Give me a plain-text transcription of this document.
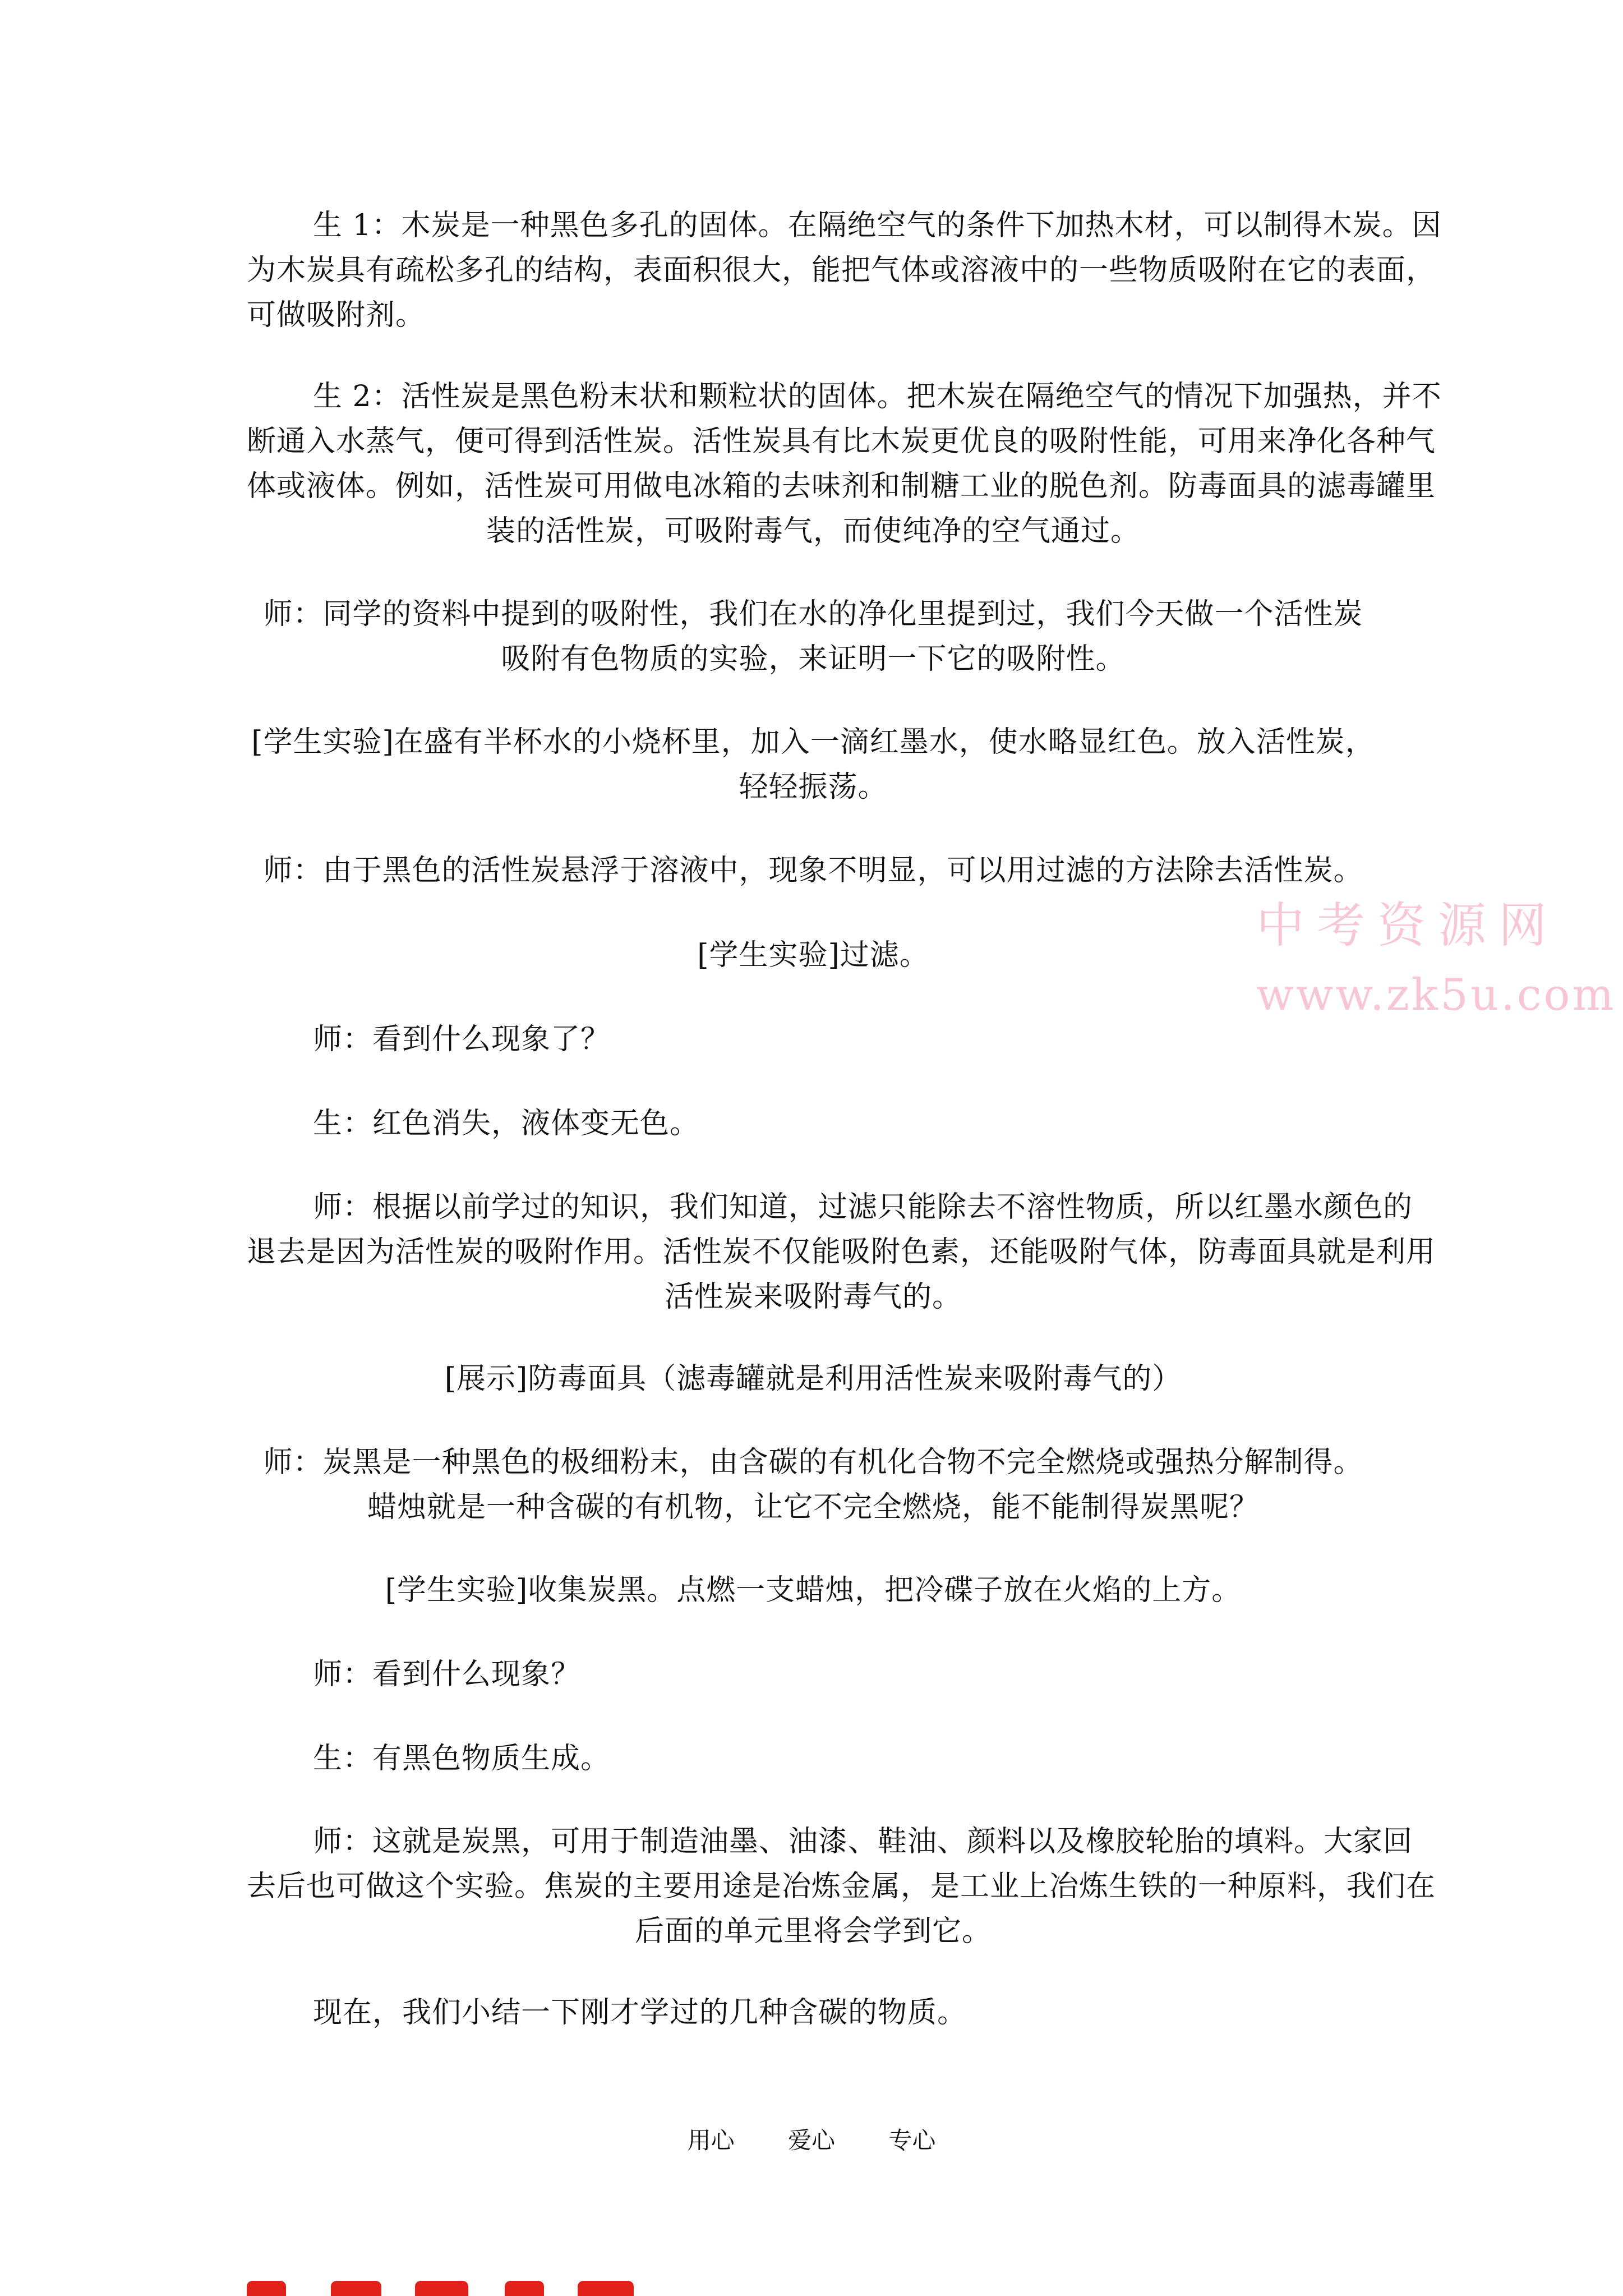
生 1：木炭是一种黑色多孔的固体。在隔绝空气的条件下加热木材，可以制得木炭。因
为木炭具有疏松多孔的结构，表面积很大，能把气体或溶液中的一些物质吸附在它的表面，
可做吸附剂。

生 2：活性炭是黑色粉末状和颗粒状的固体。把木炭在隔绝空气的情况下加强热，并不
断通入水蒸气，便可得到活性炭。活性炭具有比木炭更优良的吸附性能，可用来净化各种气
体或液体。例如，活性炭可用做电冰箱的去味剂和制糖工业的脱色剂。防毒面具的滤毒罐里
装的活性炭，可吸附毒气，而使纯净的空气通过。

师：同学的资料中提到的吸附性，我们在水的净化里提到过，我们今天做一个活性炭
吸附有色物质的实验，来证明一下它的吸附性。

[学生实验]在盛有半杯水的小烧杯里，加入一滴红墨水，使水略显红色。放入活性炭，
轻轻振荡。

师：由于黑色的活性炭悬浮于溶液中，现象不明显，可以用过滤的方法除去活性炭。

[学生实验]过滤。

师：看到什么现象了？

生：红色消失，液体变无色。

师：根据以前学过的知识，我们知道，过滤只能除去不溶性物质，所以红墨水颜色的
退去是因为活性炭的吸附作用。活性炭不仅能吸附色素，还能吸附气体，防毒面具就是利用
活性炭来吸附毒气的。

[展示]防毒面具（滤毒罐就是利用活性炭来吸附毒气的）

师：炭黑是一种黑色的极细粉末，由含碳的有机化合物不完全燃烧或强热分解制得。
蜡烛就是一种含碳的有机物，让它不完全燃烧，能不能制得炭黑呢？

[学生实验]收集炭黑。点燃一支蜡烛，把冷碟子放在火焰的上方。

师：看到什么现象？

生：有黑色物质生成。

师：这就是炭黑，可用于制造油墨、油漆、鞋油、颜料以及橡胶轮胎的填料。大家回
去后也可做这个实验。焦炭的主要用途是冶炼金属，是工业上冶炼生铁的一种原料，我们在
后面的单元里将会学到它。

现在，我们小结一下刚才学过的几种含碳的物质。

中考资源网
www.zk5u.com
用心 爱心 专心
